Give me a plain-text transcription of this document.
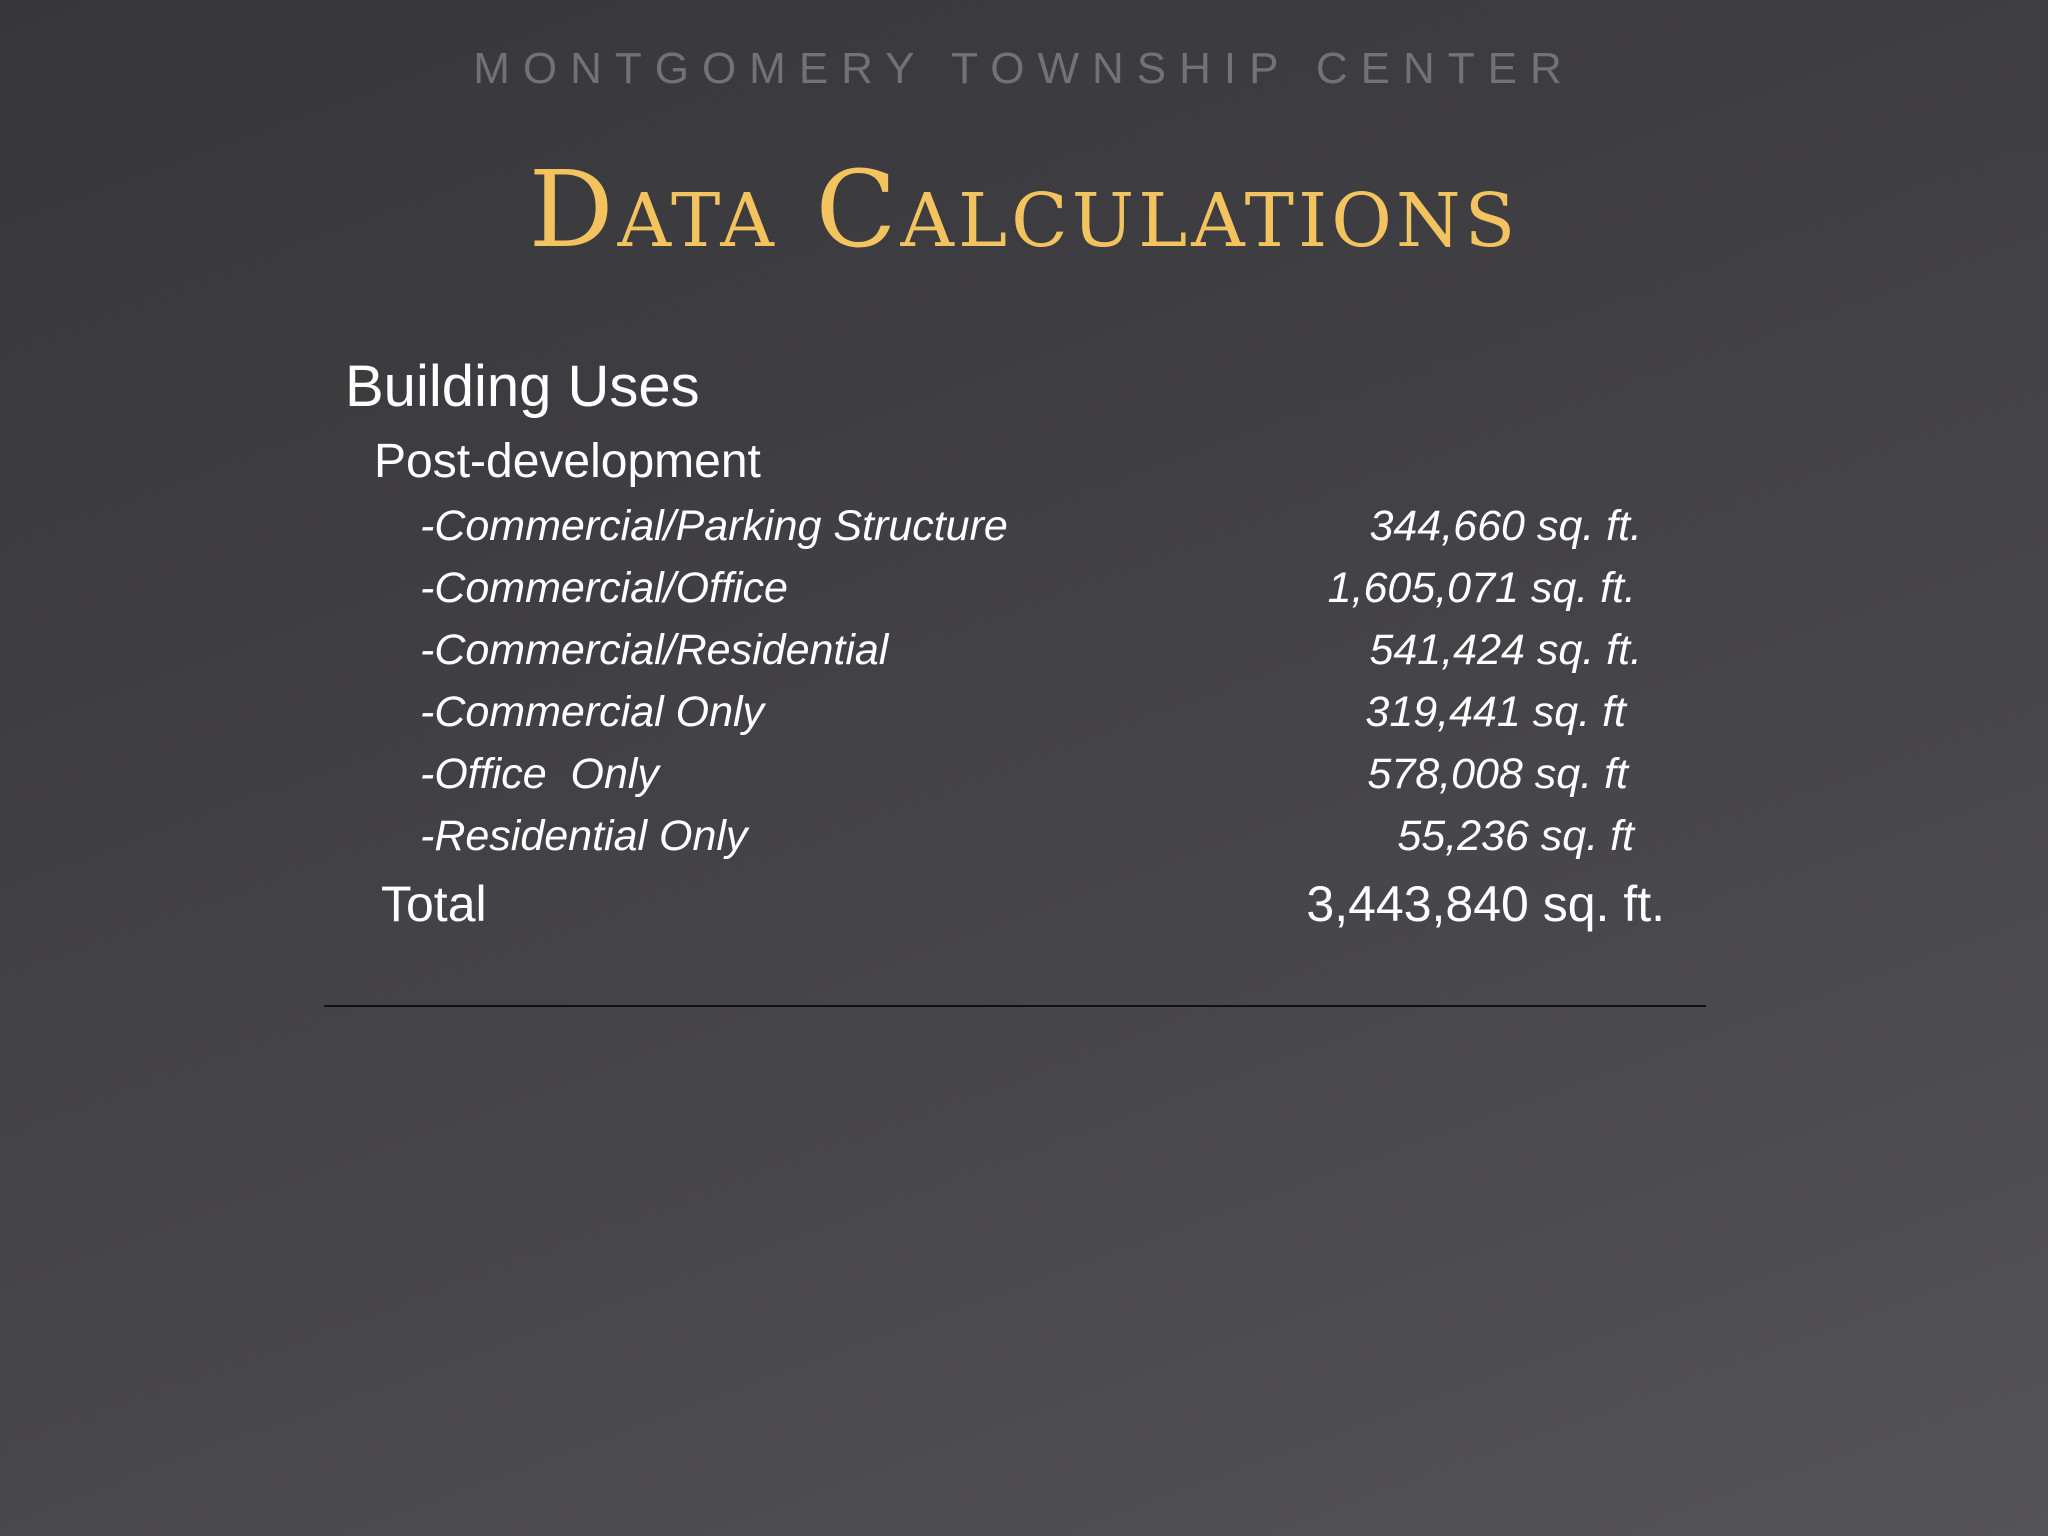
MONTGOMERY TOWNSHIP CENTER
Data Calculations
Building Uses
Post-development
-Commercial/Parking Structure	344,660 sq. ft.
-Commercial/Office	1,605,071 sq. ft.
-Commercial/Residential	541,424 sq. ft.
-Commercial Only	319,441 sq. ft
-Office  Only	578,008 sq. ft
-Residential Only	55,236 sq. ft
Total	3,443,840 sq. ft.
